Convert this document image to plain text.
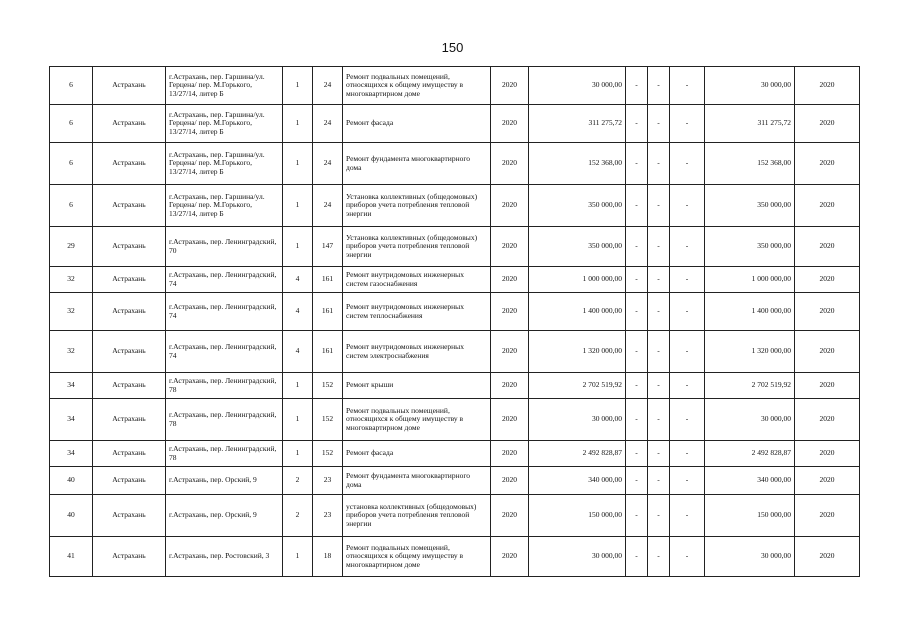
150
6	Астрахань	г.Астрахань, пер. Гаршина/ул. Герцена/ пер. М.Горького, 13/27/14, литер Б	1	24	Ремонт подвальных помещений, относящихся к общему имуществу в многоквартирном доме	2020	30 000,00	-	-	-	30 000,00	2020
6	Астрахань	г.Астрахань, пер. Гаршина/ул. Герцена/ пер. М.Горького, 13/27/14, литер Б	1	24	Ремонт фасада	2020	311 275,72	-	-	-	311 275,72	2020
6	Астрахань	г.Астрахань, пер. Гаршина/ул. Герцена/ пер. М.Горького, 13/27/14, литер Б	1	24	Ремонт фундамента многоквартирного дома	2020	152 368,00	-	-	-	152 368,00	2020
6	Астрахань	г.Астрахань, пер. Гаршина/ул. Герцена/ пер. М.Горького, 13/27/14, литер Б	1	24	Установка коллективных (общедомовых) приборов учета потребления тепловой энергии	2020	350 000,00	-	-	-	350 000,00	2020
29	Астрахань	г.Астрахань, пер. Ленинградский, 70	1	147	Установка коллективных (общедомовых) приборов учета потребления тепловой энергии	2020	350 000,00	-	-	-	350 000,00	2020
32	Астрахань	г.Астрахань, пер. Ленинградский, 74	4	161	Ремонт внутридомовых инженерных систем газоснабжения	2020	1 000 000,00	-	-	-	1 000 000,00	2020
32	Астрахань	г.Астрахань, пер. Ленинградский, 74	4	161	Ремонт внутридомовых инженерных систем теплоснабжения	2020	1 400 000,00	-	-	-	1 400 000,00	2020
32	Астрахань	г.Астрахань, пер. Ленинградский, 74	4	161	Ремонт внутридомовых инженерных систем электроснабжения	2020	1 320 000,00	-	-	-	1 320 000,00	2020
34	Астрахань	г.Астрахань, пер. Ленинградский, 78	1	152	Ремонт крыши	2020	2 702 519,92	-	-	-	2 702 519,92	2020
34	Астрахань	г.Астрахань, пер. Ленинградский, 78	1	152	Ремонт подвальных помещений, относящихся к общему имуществу в многоквартирном доме	2020	30 000,00	-	-	-	30 000,00	2020
34	Астрахань	г.Астрахань, пер. Ленинградский, 78	1	152	Ремонт фасада	2020	2 492 828,87	-	-	-	2 492 828,87	2020
40	Астрахань	г.Астрахань, пер. Орский, 9	2	23	Ремонт фундамента многоквартирного дома	2020	340 000,00	-	-	-	340 000,00	2020
40	Астрахань	г.Астрахань, пер. Орский, 9	2	23	установка коллективных (общедомовых) приборов учета потребления тепловой энергии	2020	150 000,00	-	-	-	150 000,00	2020
41	Астрахань	г.Астрахань, пер. Ростовский, 3	1	18	Ремонт подвальных помещений, относящихся к общему имуществу в многоквартирном доме	2020	30 000,00	-	-	-	30 000,00	2020
